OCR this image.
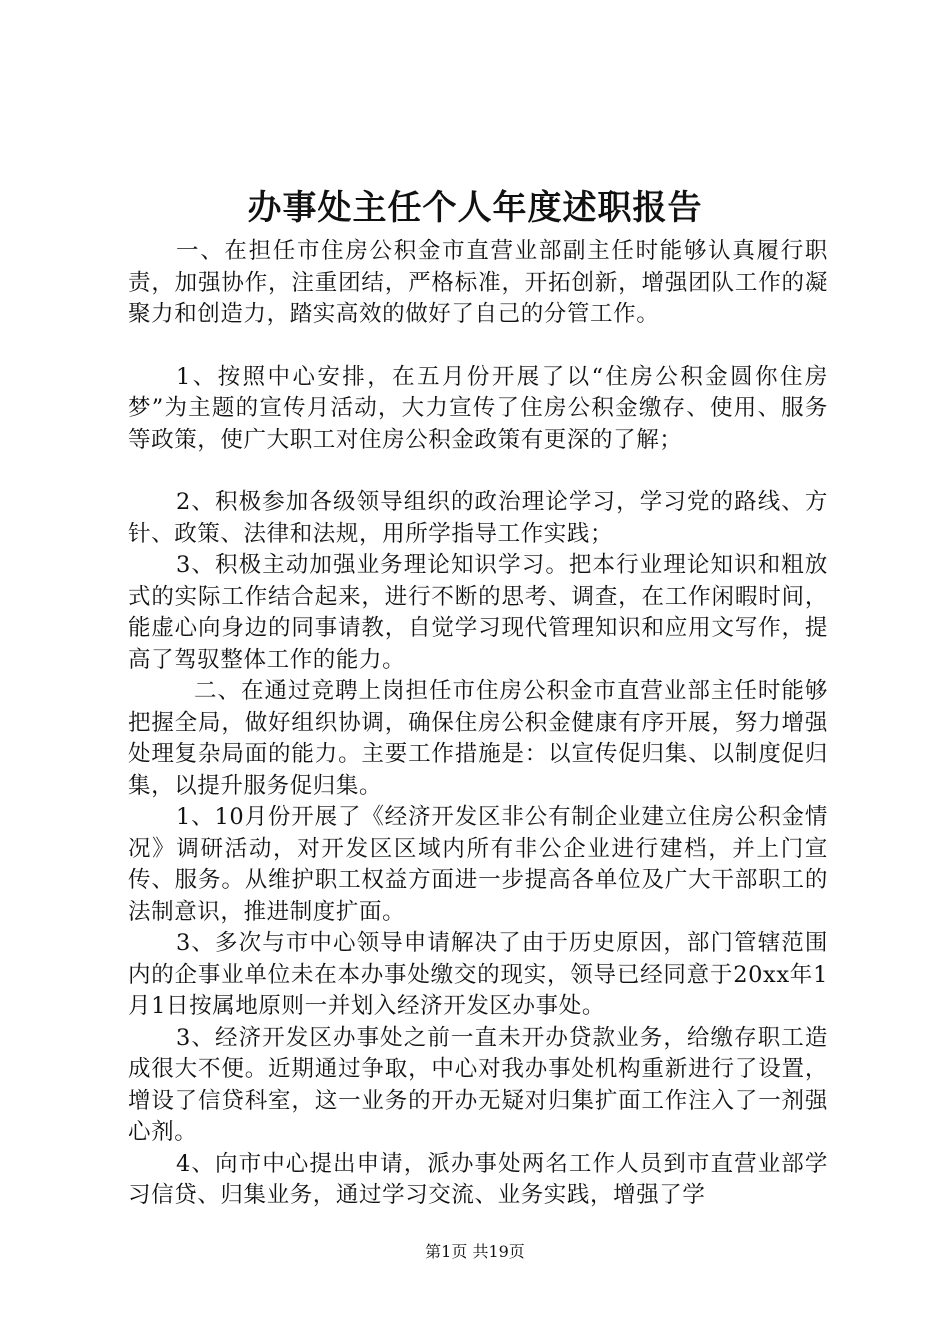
办事处主任个人年度述职报告

一、在担任市住房公积金市直营业部副主任时能够认真履行职责，加强协作，注重团结，严格标准，开拓创新，增强团队工作的凝聚力和创造力，踏实高效的做好了自己的分管工作。

1、按照中心安排，在五月份开展了以“住房公积金圆你住房梦”为主题的宣传月活动，大力宣传了住房公积金缴存、使用、服务等政策，使广大职工对住房公积金政策有更深的了解；

2、积极参加各级领导组织的政治理论学习，学习党的路线、方针、政策、法律和法规，用所学指导工作实践；

3、积极主动加强业务理论知识学习。把本行业理论知识和粗放式的实际工作结合起来，进行不断的思考、调查，在工作闲暇时间，能虚心向身边的同事请教，自觉学习现代管理知识和应用文写作，提高了驾驭整体工作的能力。

二、在通过竞聘上岗担任市住房公积金市直营业部主任时能够把握全局，做好组织协调，确保住房公积金健康有序开展，努力增强处理复杂局面的能力。主要工作措施是：以宣传促归集、以制度促归集，以提升服务促归集。

1、10月份开展了《经济开发区非公有制企业建立住房公积金情况》调研活动，对开发区区域内所有非公企业进行建档，并上门宣传、服务。从维护职工权益方面进一步提高各单位及广大干部职工的法制意识，推进制度扩面。

3、多次与市中心领导申请解决了由于历史原因，部门管辖范围内的企事业单位未在本办事处缴交的现实，领导已经同意于20xx年1月1日按属地原则一并划入经济开发区办事处。

3、经济开发区办事处之前一直未开办贷款业务，给缴存职工造成很大不便。近期通过争取，中心对我办事处机构重新进行了设置，增设了信贷科室，这一业务的开办无疑对归集扩面工作注入了一剂强心剂。

4、向市中心提出申请，派办事处两名工作人员到市直营业部学习信贷、归集业务，通过学习交流、业务实践，增强了学

第1页 共19页
